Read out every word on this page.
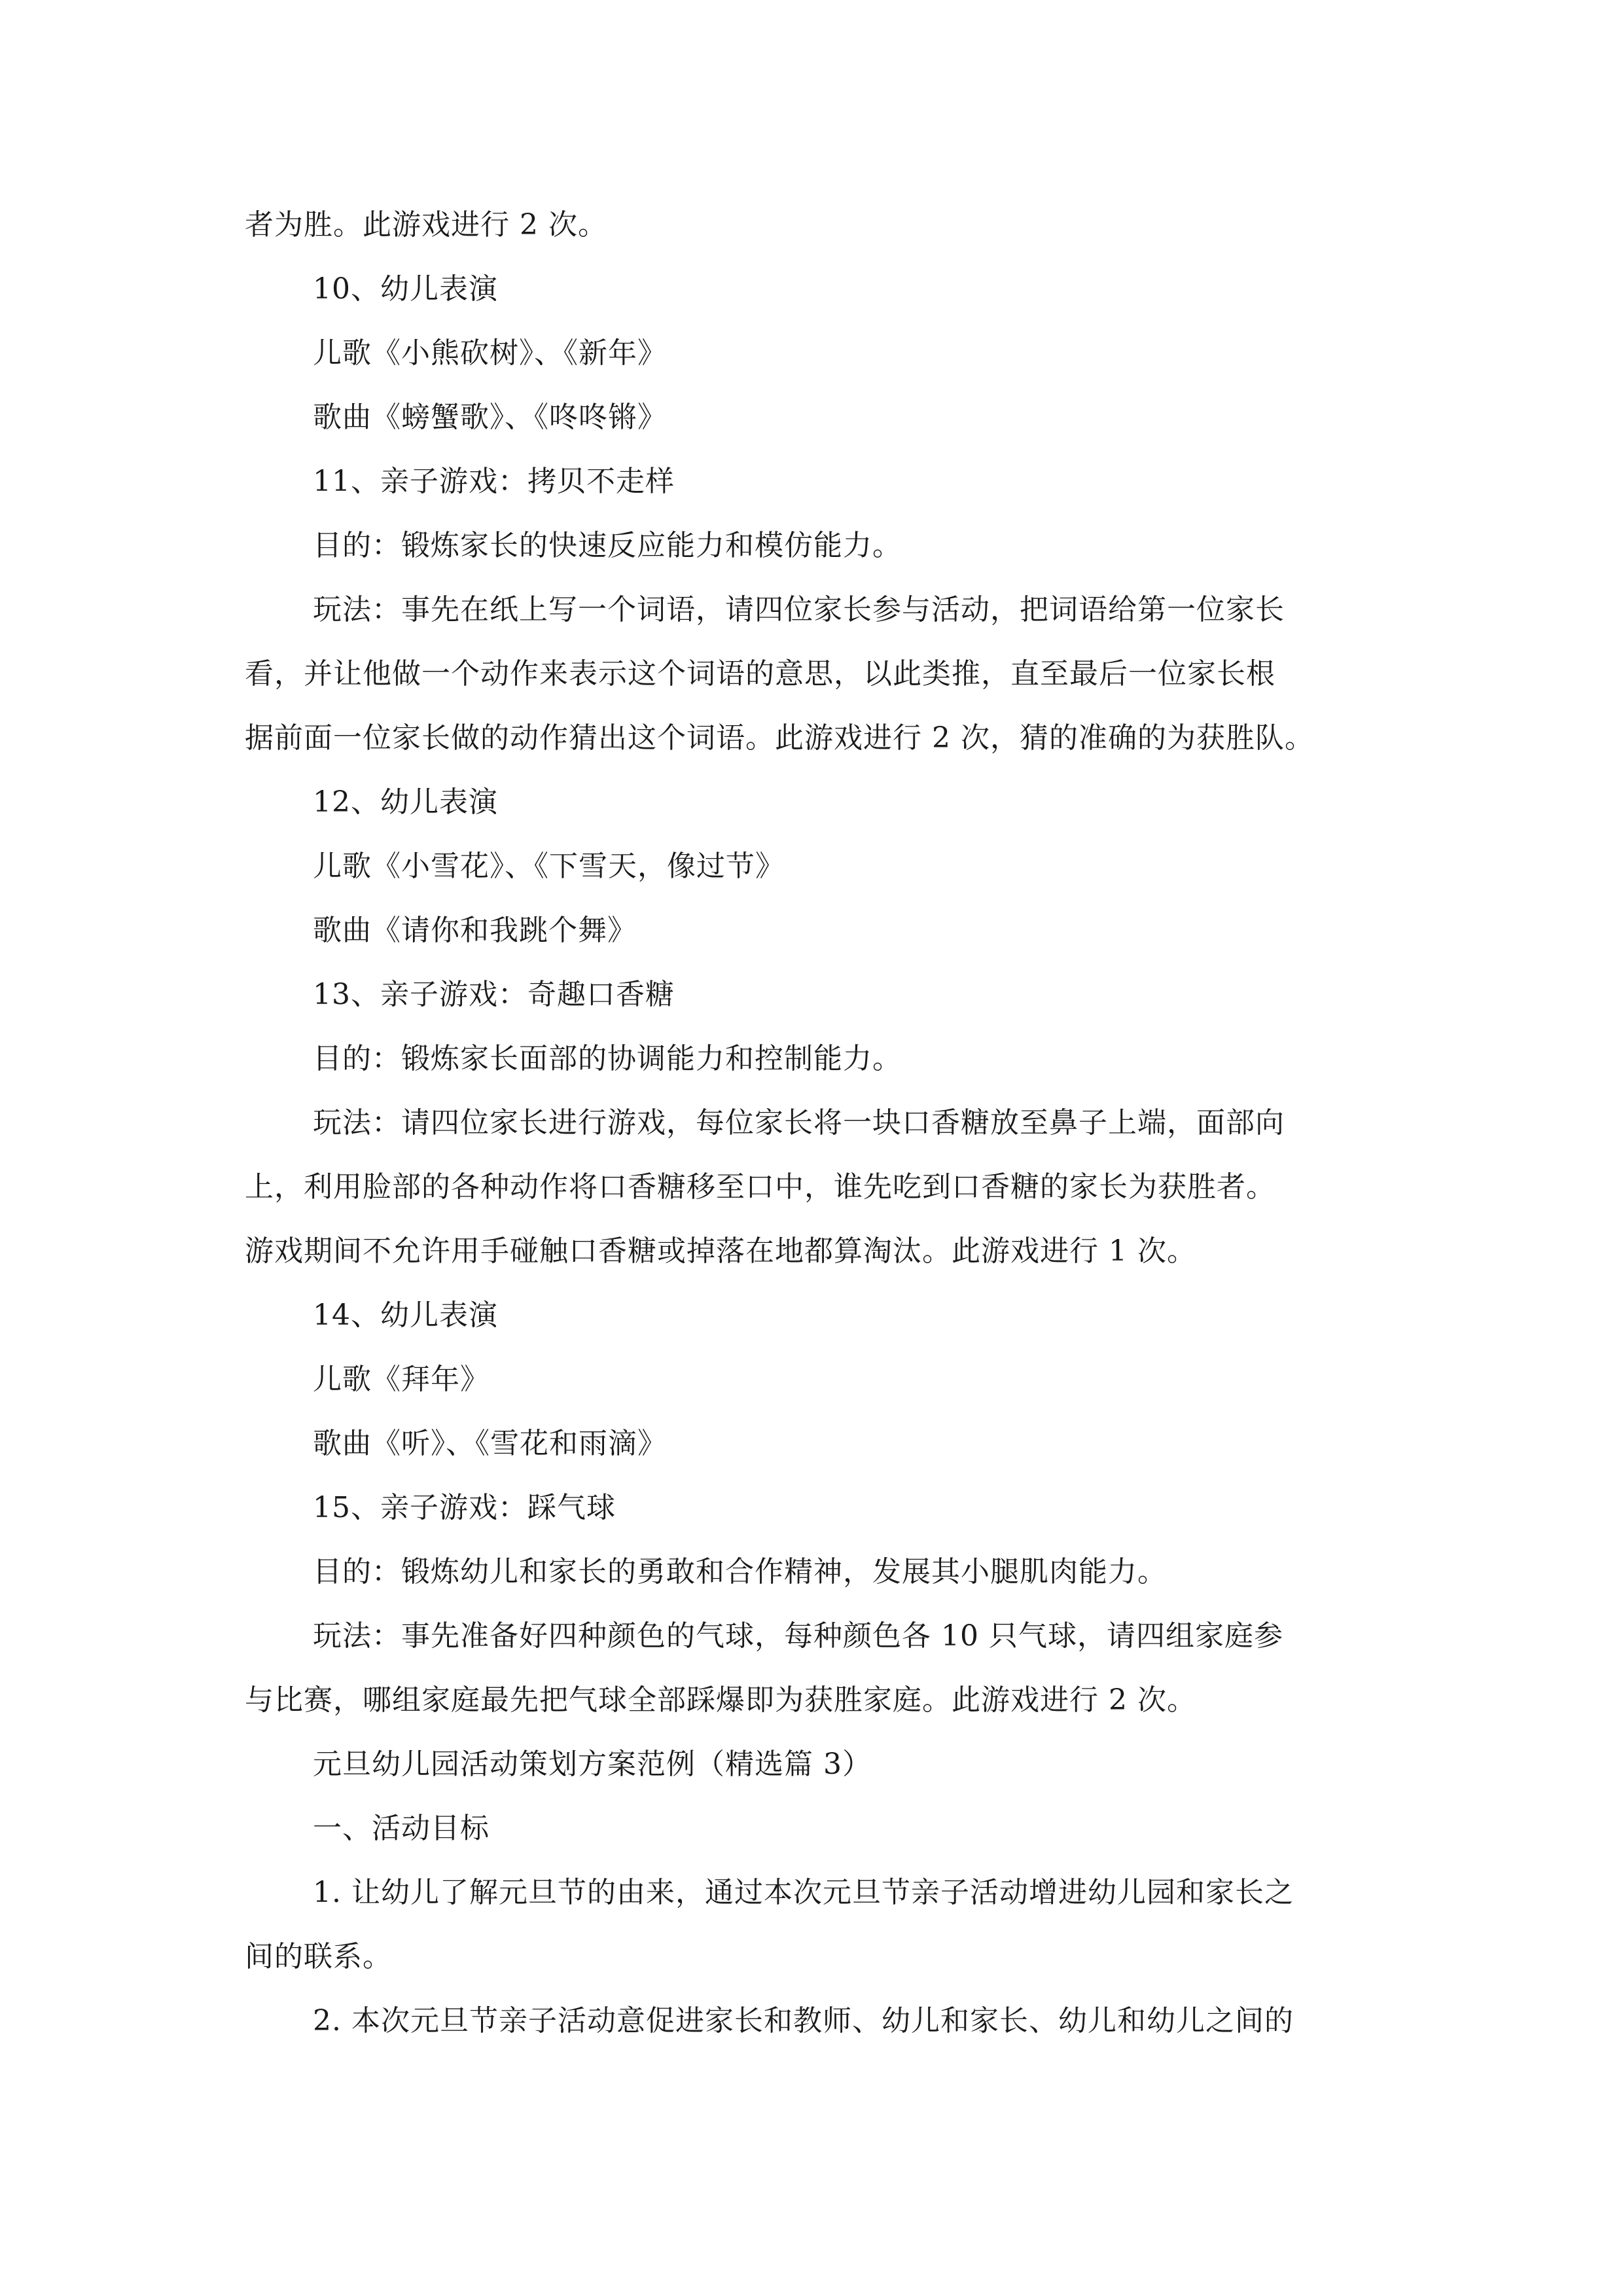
者为胜。此游戏进行 2 次。
10、幼儿表演
儿歌《小熊砍树》、《新年》
歌曲《螃蟹歌》、《咚咚锵》
11、亲子游戏：拷贝不走样
目的：锻炼家长的快速反应能力和模仿能力。
玩法：事先在纸上写一个词语，请四位家长参与活动，把词语给第一位家长
看，并让他做一个动作来表示这个词语的意思，以此类推，直至最后一位家长根
据前面一位家长做的动作猜出这个词语。此游戏进行 2 次，猜的准确的为获胜队。
12、幼儿表演
儿歌《小雪花》、《下雪天，像过节》
歌曲《请你和我跳个舞》
13、亲子游戏：奇趣口香糖
目的：锻炼家长面部的协调能力和控制能力。
玩法：请四位家长进行游戏，每位家长将一块口香糖放至鼻子上端，面部向
上，利用脸部的各种动作将口香糖移至口中，谁先吃到口香糖的家长为获胜者。
游戏期间不允许用手碰触口香糖或掉落在地都算淘汰。此游戏进行 1 次。
14、幼儿表演
儿歌《拜年》
歌曲《听》、《雪花和雨滴》
15、亲子游戏：踩气球
目的：锻炼幼儿和家长的勇敢和合作精神，发展其小腿肌肉能力。
玩法：事先准备好四种颜色的气球，每种颜色各 10 只气球，请四组家庭参
与比赛，哪组家庭最先把气球全部踩爆即为获胜家庭。此游戏进行 2 次。
元旦幼儿园活动策划方案范例（精选篇 3）
一、活动目标
1. 让幼儿了解元旦节的由来，通过本次元旦节亲子活动增进幼儿园和家长之
间的联系。
2. 本次元旦节亲子活动意促进家长和教师、幼儿和家长、幼儿和幼儿之间的
